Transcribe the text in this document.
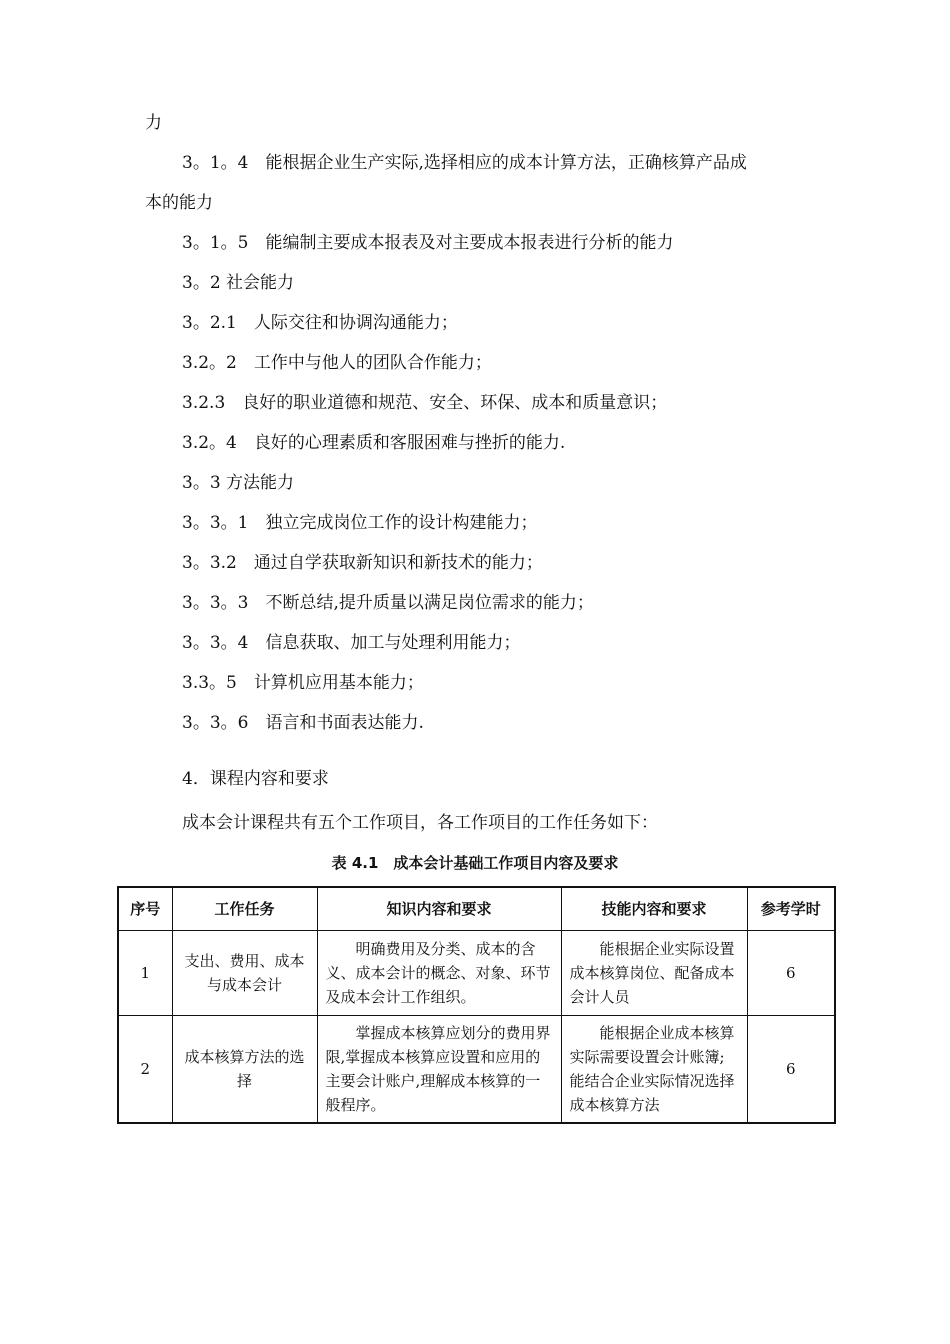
力
3。1。4　能根据企业生产实际,选择相应的成本计算方法，正确核算产品成
本的能力
3。1。5　能编制主要成本报表及对主要成本报表进行分析的能力
3。2 社会能力
3。2.1　人际交往和协调沟通能力；
3.2。2　工作中与他人的团队合作能力；
3.2.3　良好的职业道德和规范、安全、环保、成本和质量意识；
3.2。4　良好的心理素质和客服困难与挫折的能力.
3。3 方法能力
3。3。1　独立完成岗位工作的设计构建能力；
3。3.2　通过自学获取新知识和新技术的能力；
3。3。3　不断总结,提升质量以满足岗位需求的能力；
3。3。4　信息获取、加工与处理利用能力；
3.3。5　计算机应用基本能力；
3。3。6　语言和书面表达能力.
4．课程内容和要求
成本会计课程共有五个工作项目，各工作项目的工作任务如下：
表 4.1　成本会计基础工作项目内容及要求
序号	工作任务	知识内容和要求	技能内容和要求	参考学时
1	支出、费用、成本与成本会计	明确费用及分类、成本的含义、成本会计的概念、对象、环节及成本会计工作组织。	能根据企业实际设置成本核算岗位、配备成本会计人员	6
2	成本核算方法的选择	掌握成本核算应划分的费用界限,掌握成本核算应设置和应用的主要会计账户,理解成本核算的一般程序。	能根据企业成本核算实际需要设置会计账簿;能结合企业实际情况选择成本核算方法	6
